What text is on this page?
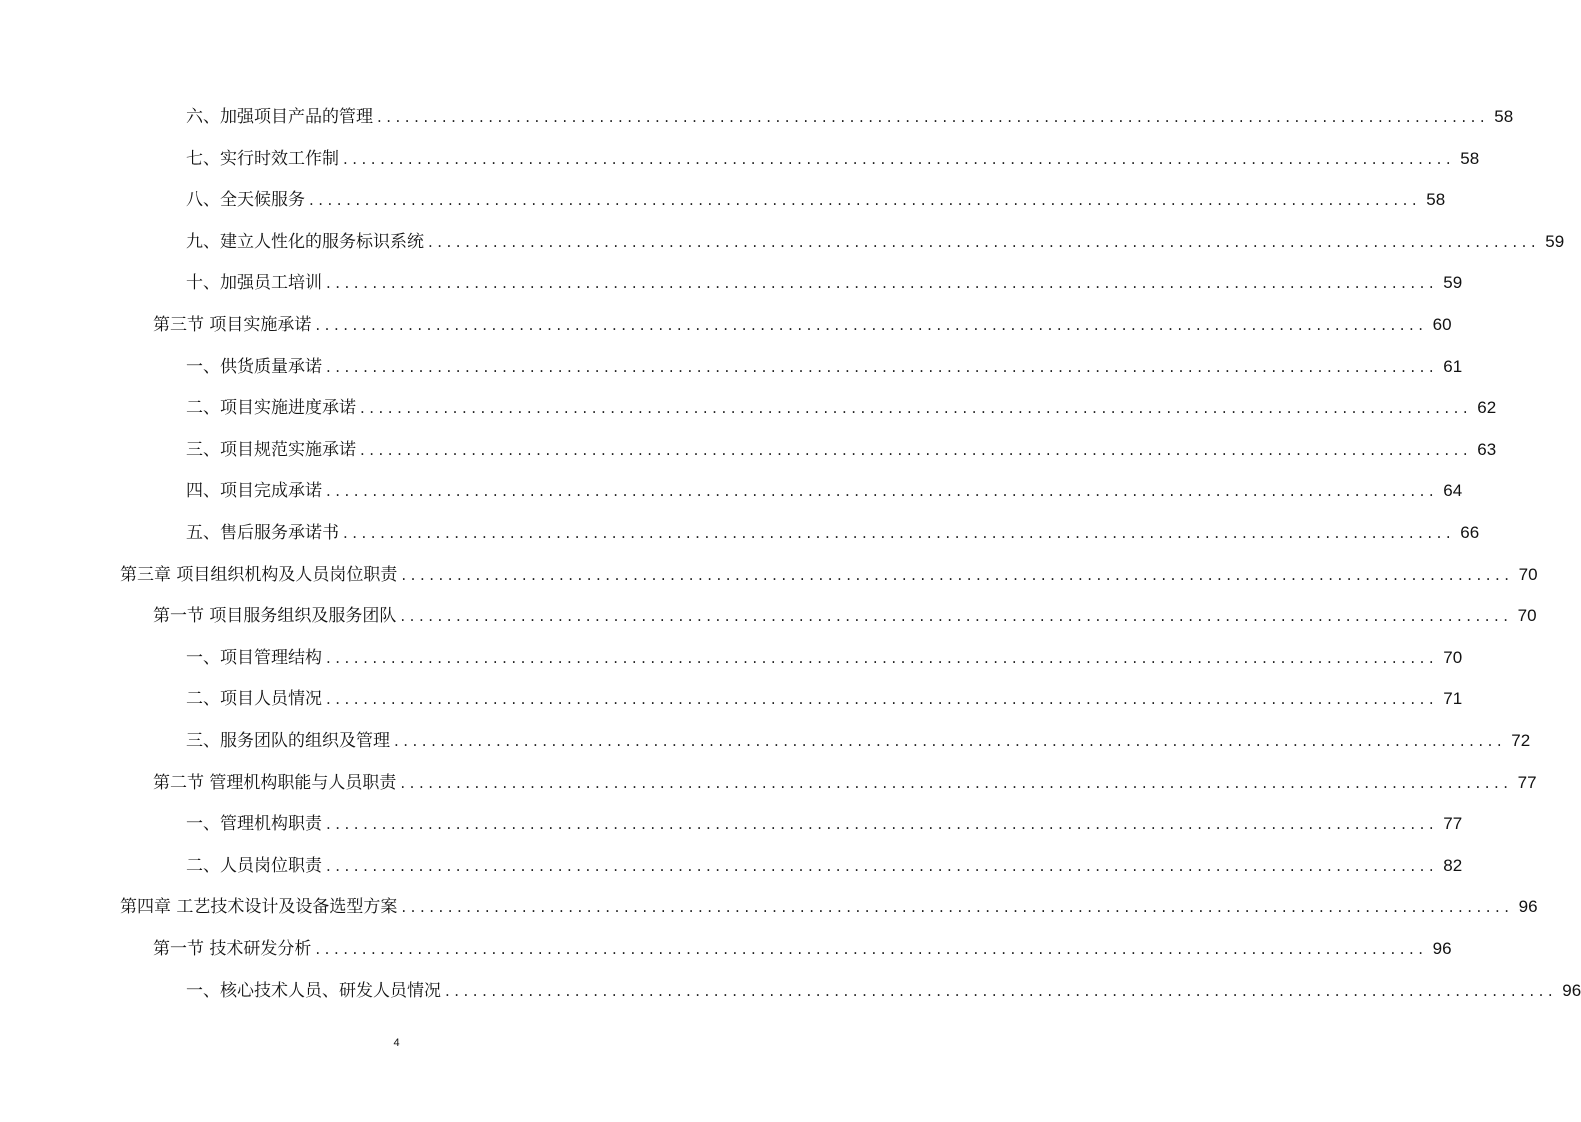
六、加强项目产品的管理 ........................................................................................................................ 58
七、实行时效工作制 ........................................................................................................................ 58
八、全天候服务 ........................................................................................................................ 58
九、建立人性化的服务标识系统 ........................................................................................................................ 59
十、加强员工培训 ........................................................................................................................ 59
第三节 项目实施承诺 ........................................................................................................................ 60
一、供货质量承诺 ........................................................................................................................ 61
二、项目实施进度承诺 ........................................................................................................................ 62
三、项目规范实施承诺 ........................................................................................................................ 63
四、项目完成承诺 ........................................................................................................................ 64
五、售后服务承诺书 ........................................................................................................................ 66
第三章 项目组织机构及人员岗位职责 ........................................................................................................................ 70
第一节 项目服务组织及服务团队 ........................................................................................................................ 70
一、项目管理结构 ........................................................................................................................ 70
二、项目人员情况 ........................................................................................................................ 71
三、服务团队的组织及管理 ........................................................................................................................ 72
第二节 管理机构职能与人员职责 ........................................................................................................................ 77
一、管理机构职责 ........................................................................................................................ 77
二、人员岗位职责 ........................................................................................................................ 82
第四章 工艺技术设计及设备选型方案 ........................................................................................................................ 96
第一节 技术研发分析 ........................................................................................................................ 96
一、核心技术人员、研发人员情况 ........................................................................................................................ 96
4
